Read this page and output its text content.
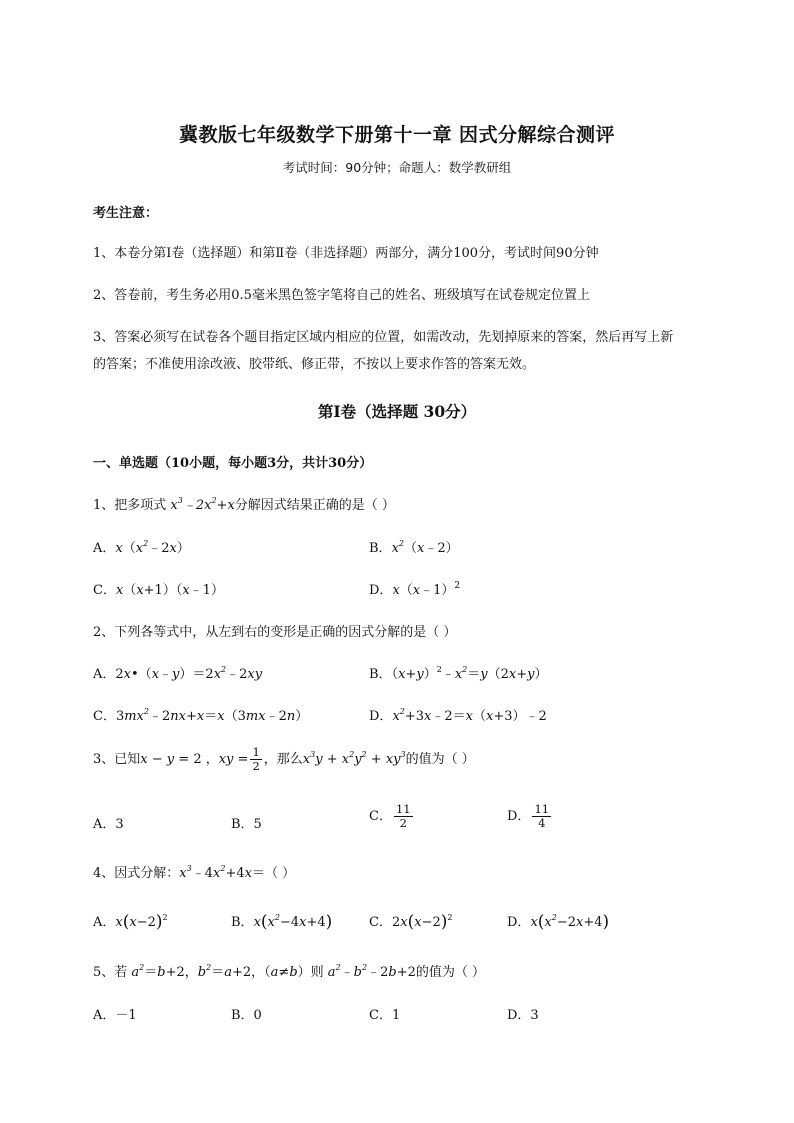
冀教版七年级数学下册第十一章 因式分解综合测评
考试时间：90分钟；命题人：数学教研组
考生注意：
1、本卷分第I卷（选择题）和第Ⅱ卷（非选择题）两部分，满分100分，考试时间90分钟
2、答卷前，考生务必用0.5毫米黑色签字笔将自己的姓名、班级填写在试卷规定位置上
3、答案必须写在试卷各个题目指定区域内相应的位置，如需改动，先划掉原来的答案，然后再写上新
的答案；不准使用涂改液、胶带纸、修正带，不按以上要求作答的答案无效。
第I卷（选择题 30分）
一、单选题（10小题，每小题3分，共计30分）
1、把多项式 $x^3﹣2x^2+x$分解因式结果正确的是（ ）
A．$x(x^2﹣2x)$	B．$x^2(x﹣2)$
C．x（x+1）（x﹣1）	D．x（x﹣1）$^2$
2、下列各等式中，从左到右的变形是正确的因式分解的是（ ）
A．$2x•(x﹣y)=2x^2﹣2xy$	B．$(x+y)^2﹣x^2=y(2x+y)$
C．$3mx^2﹣2nx+x=x(3mx﹣2n)$	D．$x^2+3x﹣2=x(x+3)﹣2$
3、已知x − y = 2 ，xy = $\frac{1}{2}$ ，那么$x^3y + x^2y^2 + xy^3$的值为（ ）
A．3	B．5
C． $\frac{11}{2}$	D． $\frac{11}{4}$
4、因式分解：$x^3﹣4x^2+4x=$（ ）
A．$x(x-2)^2$	B．$x(x^2-4x+4)$	C．$2x(x-2)^2$	D．$x(x^2-2x+4)$
5、若 $a^2=b+2$，$b^2=a+2$，（a≠b）则 $a^2﹣b^2﹣2b+2$的值为（ ）
A．－1	B．0	C．1	D．3
